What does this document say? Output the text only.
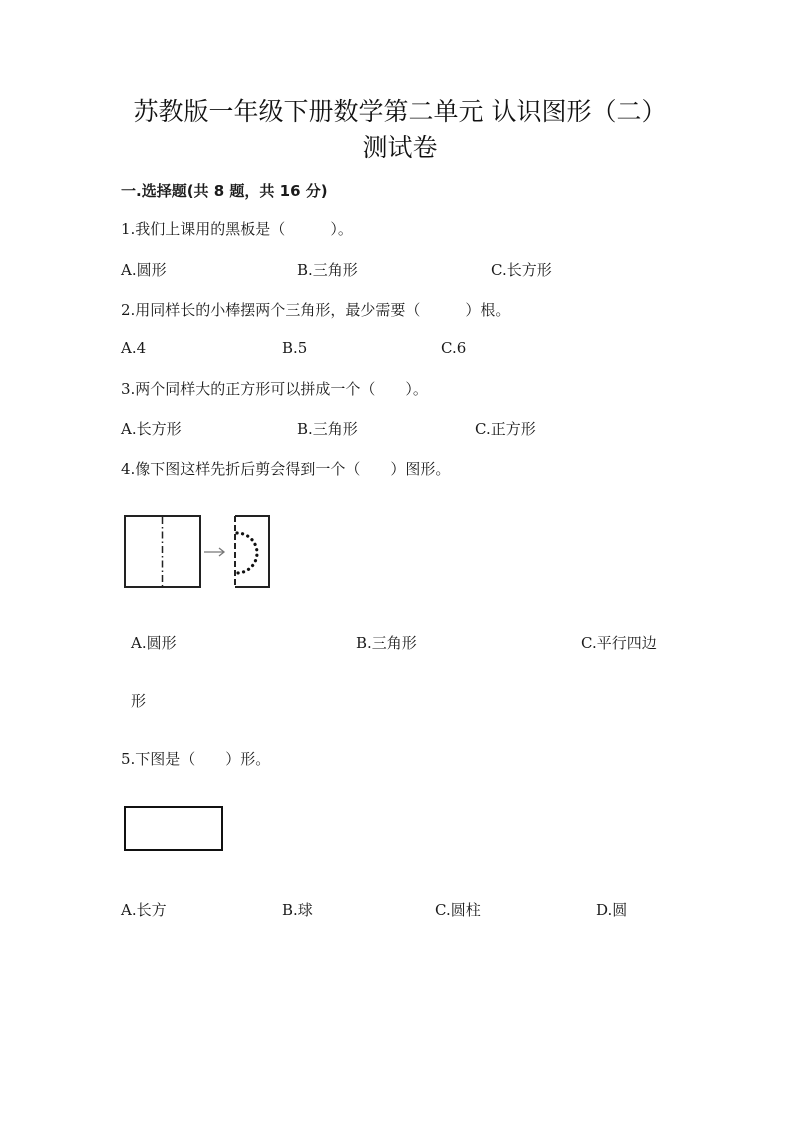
苏教版一年级下册数学第二单元 认识图形（二）
测试卷
一.选择题(共 8 题，共 16 分)
1.我们上课用的黑板是（　　　）。
A.圆形	B.三角形	C.长方形
2.用同样长的小棒摆两个三角形，最少需要（　　　）根。
A.4	B.5	C.6
3.两个同样大的正方形可以拼成一个（　　）。
A.长方形	B.三角形	C.正方形
4.像下图这样先折后剪会得到一个（　　）图形。
A.圆形	B.三角形	C.平行四边
形
5.下图是（　　）形。
A.长方	B.球	C.圆柱	D.圆
